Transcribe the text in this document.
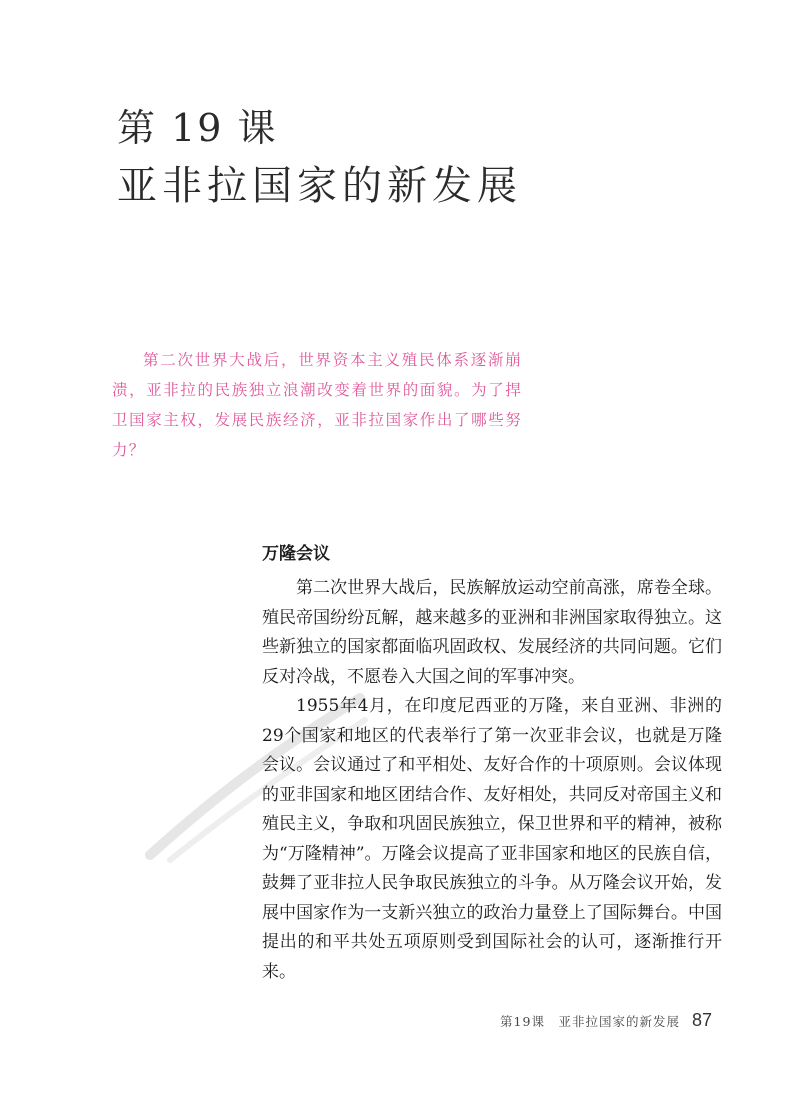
第 19 课
亚非拉国家的新发展

第二次世界大战后，世界资本主义殖民体系逐渐崩溃，亚非拉的民族独立浪潮改变着世界的面貌。为了捍卫国家主权，发展民族经济，亚非拉国家作出了哪些努力？

万隆会议

第二次世界大战后，民族解放运动空前高涨，席卷全球。殖民帝国纷纷瓦解，越来越多的亚洲和非洲国家取得独立。这些新独立的国家都面临巩固政权、发展经济的共同问题。它们反对冷战，不愿卷入大国之间的军事冲突。

1955年4月，在印度尼西亚的万隆，来自亚洲、非洲的29个国家和地区的代表举行了第一次亚非会议，也就是万隆会议。会议通过了和平相处、友好合作的十项原则。会议体现的亚非国家和地区团结合作、友好相处，共同反对帝国主义和殖民主义，争取和巩固民族独立，保卫世界和平的精神，被称为“万隆精神”。万隆会议提高了亚非国家和地区的民族自信，鼓舞了亚非拉人民争取民族独立的斗争。从万隆会议开始，发展中国家作为一支新兴独立的政治力量登上了国际舞台。中国提出的和平共处五项原则受到国际社会的认可，逐渐推行开来。

第19课　亚非拉国家的新发展 87
